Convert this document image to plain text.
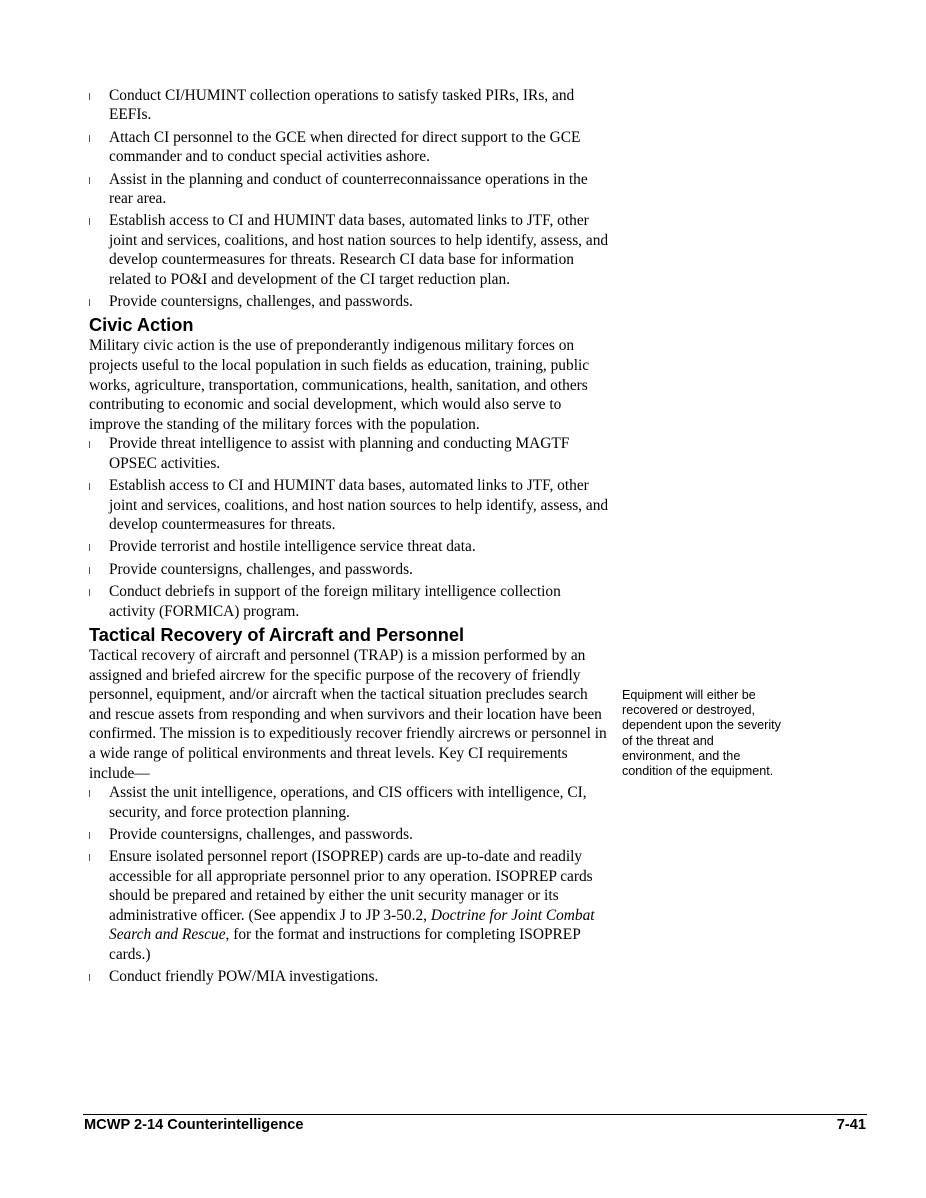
Conduct CI/HUMINT collection operations to satisfy tasked PIRs, IRs, and EEFIs.
Attach CI personnel to the GCE when directed for direct support to the GCE commander and to conduct special activities ashore.
Assist in the planning and conduct of counterreconnaissance operations in the rear area.
Establish access to CI and HUMINT data bases, automated links to JTF, other joint and services, coalitions, and host nation sources to help identify, assess, and develop countermeasures for threats. Research CI data base for information related to PO&I and development of the CI target reduction plan.
Provide countersigns, challenges, and passwords.
Civic Action

Military civic action is the use of preponderantly indigenous military forces on projects useful to the local population in such fields as education, training, public works, agriculture, transportation, communications, health, sanitation, and others contributing to economic and social development, which would also serve to improve the standing of the military forces with the population.

Provide threat intelligence to assist with planning and conducting MAGTF OPSEC activities.
Establish access to CI and HUMINT data bases, automated links to JTF, other joint and services, coalitions, and host nation sources to help identify, assess, and develop countermeasures for threats.
Provide terrorist and hostile intelligence service threat data.
Provide countersigns, challenges, and passwords.
Conduct debriefs in support of the foreign military intelligence collection activity (FORMICA) program.
Tactical Recovery of Aircraft and Personnel

Tactical recovery of aircraft and personnel (TRAP) is a mission performed by an assigned and briefed aircrew for the specific purpose of the recovery of friendly personnel, equipment, and/or aircraft when the tactical situation precludes search and rescue assets from responding and when survivors and their location have been confirmed. The mission is to expeditiously recover friendly aircrews or personnel in a wide range of political environments and threat levels. Key CI requirements include—

Assist the unit intelligence, operations, and CIS officers with intelligence, CI, security, and force protection planning.
Provide countersigns, challenges, and passwords.
Ensure isolated personnel report (ISOPREP) cards are up-to-date and readily accessible for all appropriate personnel prior to any operation. ISOPREP cards should be prepared and retained by either the unit security manager or its administrative officer. (See appendix J to JP 3-50.2, Doctrine for Joint Combat Search and Rescue, for the format and instructions for completing ISOPREP cards.)
Conduct friendly POW/MIA investigations.
Equipment will either be recovered or destroyed, dependent upon the severity of the threat and environment, and the condition of the equipment.
MCWP 2-14 Counterintelligence	7-41
